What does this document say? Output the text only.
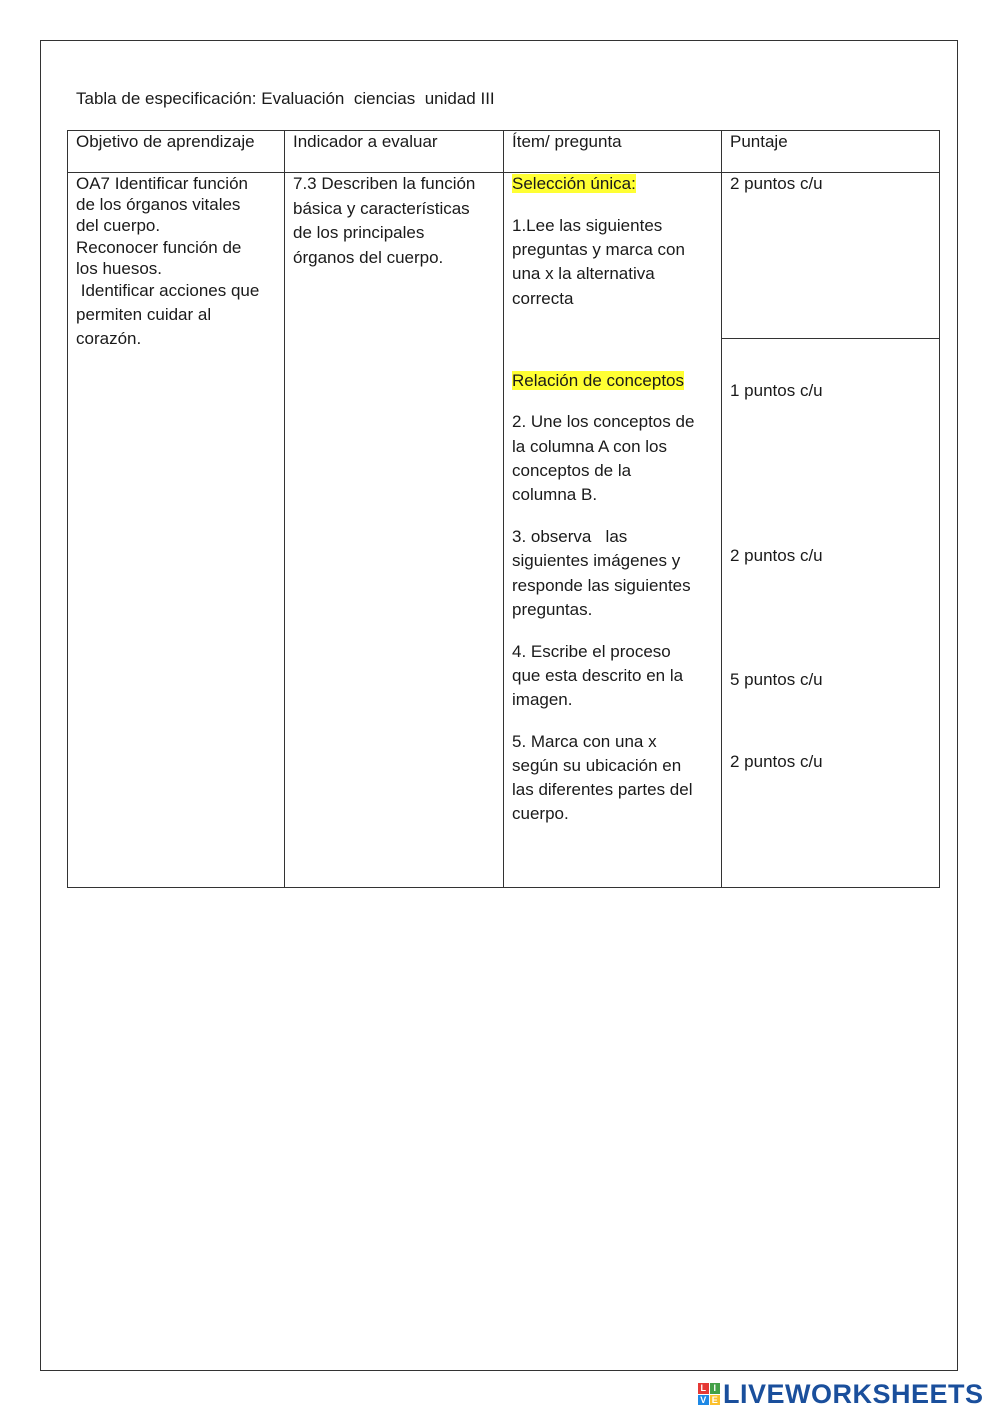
Tabla de especificación: Evaluación  ciencias  unidad III
Objetivo de aprendizaje Indicador a evaluar	Ítem/ pregunta	Puntaje
OA7 Identificar función
de los órganos vitales
del cuerpo.
Reconocer función de
los huesos.
Identificar acciones que
permiten cuidar al
corazón.
7.3 Describen la función
básica y características
de los principales
órganos del cuerpo.
Selección única:
1.Lee las siguientes
preguntas y marca con
una x la alternativa
correcta
Relación de conceptos
2. Une los conceptos de
la columna A con los
conceptos de la
columna B.
3. observa   las
siguientes imágenes y
responde las siguientes
preguntas.
4. Escribe el proceso
que esta descrito en la
imagen.
5. Marca con una x
según su ubicación en
las diferentes partes del
cuerpo.
2 puntos c/u
1 puntos c/u
2 puntos c/u
5 puntos c/u
2 puntos c/u
L I
V E LIVEWORKSHEETS
